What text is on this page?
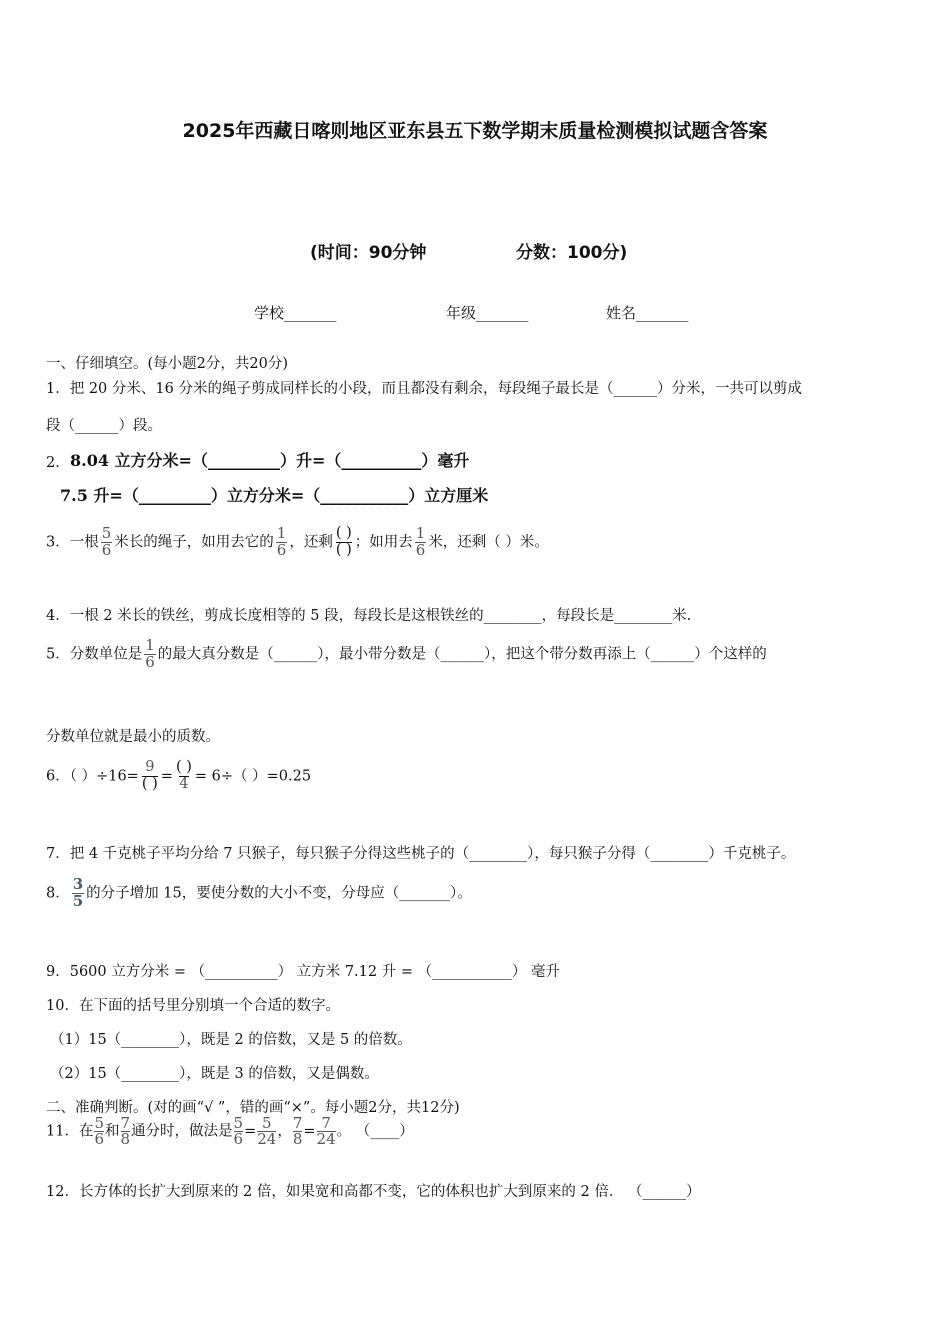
2025年西藏日喀则地区亚东县五下数学期末质量检测模拟试题含答案
(时间：90分钟	分数：100分)
学校_______	年级_______	姓名_______
一、仔细填空。(每小题2分，共20分)
1．把 20 分米、16 分米的绳子剪成同样长的小段，而且都没有剩余，每段绳子最长是（______）分米，一共可以剪成
段（______）段。
2． 8.04 立方分米=（_________）升=（__________）毫升
7.5 升=（_________）立方分米=（___________）立方厘米
3．一根 $\frac{5}{6}$ 米长的绳子，如用去它的 $\frac{1}{6}$ ，还剩 $\frac{( )}{( )}$ ；如用去 $\frac{1}{6}$ 米，还剩（ ）米。
4．一根 2 米长的铁丝，剪成长度相等的 5 段，每段长是这根铁丝的________，每段长是________米.
5．分数单位是 $\frac{1}{6}$ 的最大真分数是（______），最小带分数是（______），把这个带分数再添上（______）个这样的
分数单位就是最小的质数。
6．（ ）$\div 16= \frac{9}{( )} = \frac{( )}{4} = 6\div$（ ）=0.25
7．把 4 千克桃子平均分给 7 只猴子，每只猴子分得这些桃子的（________），每只猴子分得（________）千克桃子。
8． $\frac{3}{5}$ 的分子增加 15，要使分数的大小不变，分母应（_______）。
9．5600 立方分米 = （__________） 立方米 7.12 升 = （___________） 毫升
10．在下面的括号里分别填一个合适的数字。
（1）15（________），既是 2 的倍数，又是 5 的倍数。
（2）15（________），既是 3 的倍数，又是偶数。
二、准确判断。(对的画“√ ”，错的画“×”。每小题2分，共12分)
11．在 $\frac{5}{6}$ 和 $\frac{7}{8}$ 通分时，做法是 $\frac{5}{6} = \frac{5}{24}$ ， $\frac{7}{8} = \frac{7}{24}$ 。 （____）
12．长方体的长扩大到原来的 2 倍，如果宽和高都不变，它的体积也扩大到原来的 2 倍． （______）
